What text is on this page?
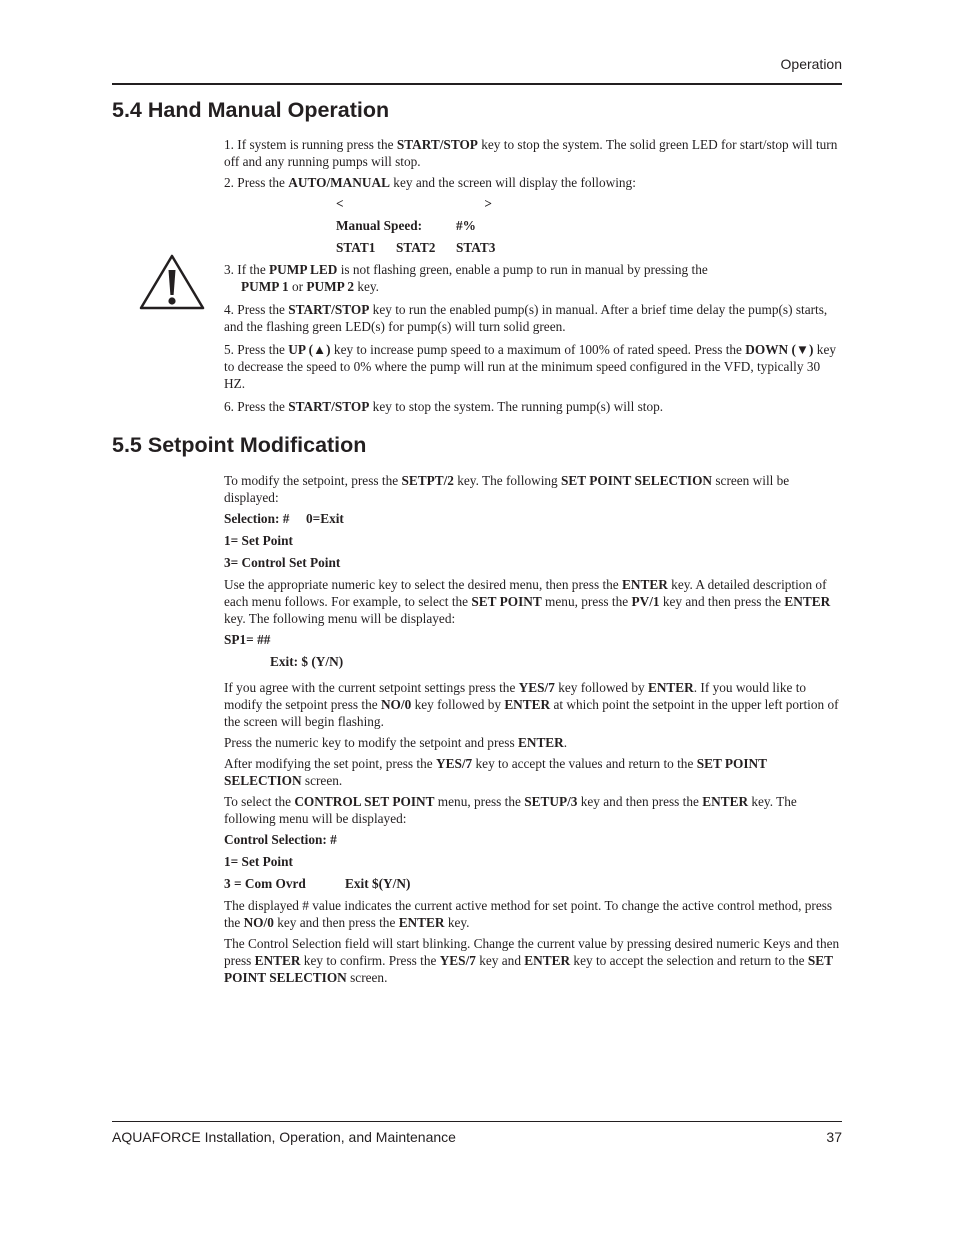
Operation
5.4 Hand Manual Operation

1. If system is running press the START/STOP key to stop the system. The solid green LED for start/stop will turn off and any running pumps will stop.

2. Press the AUTO/MANUAL key and the screen will display the following:

<	>
Manual Speed:	#%
STAT1 STAT2 STAT3

3. If the PUMP LED is not flashing green, enable a pump to run in manual by pressing the
PUMP 1 or PUMP 2 key.

4. Press the START/STOP key to run the enabled pump(s) in manual. After a brief time delay the pump(s) starts, and the flashing green LED(s) for pump(s) will turn solid green.

5. Press the UP (▲) key to increase pump speed to a maximum of 100% of rated speed. Press the DOWN (▼) key to decrease the speed to 0% where the pump will run at the minimum speed configured in the VFD, typically 30 HZ.

6. Press the START/STOP key to stop the system. The running pump(s) will stop.

5.5 Setpoint Modification

To modify the setpoint, press the SETPT/2 key. The following SET POINT SELECTION screen will be displayed:

Selection: #     0=Exit
1= Set Point
3= Control Set Point

Use the appropriate numeric key to select the desired menu, then press the ENTER key. A detailed description of each menu follows. For example, to select the SET POINT menu, press the PV/1 key and then press the ENTER key. The following menu will be displayed:

SP1= ##
Exit: $ (Y/N)

If you agree with the current setpoint settings press the YES/7 key followed by ENTER. If you would like to modify the setpoint press the NO/0 key followed by ENTER at which point the setpoint in the upper left portion of the screen will begin flashing.

Press the numeric key to modify the setpoint and press ENTER.

After modifying the set point, press the YES/7 key to accept the values and return to the SET POINT SELECTION screen.

To select the CONTROL SET POINT menu, press the SETUP/3 key and then press the ENTER key. The following menu will be displayed:

Control Selection: #
1= Set Point
3 = Com Ovrd	Exit $(Y/N)

The displayed # value indicates the current active method for set point. To change the active control method, press the NO/0 key and then press the ENTER key.

The Control Selection field will start blinking. Change the current value by pressing desired numeric Keys and then press ENTER key to confirm. Press the YES/7 key and ENTER key to accept the selection and return to the SET POINT SELECTION screen.

AQUAFORCE Installation, Operation, and Maintenance	37
